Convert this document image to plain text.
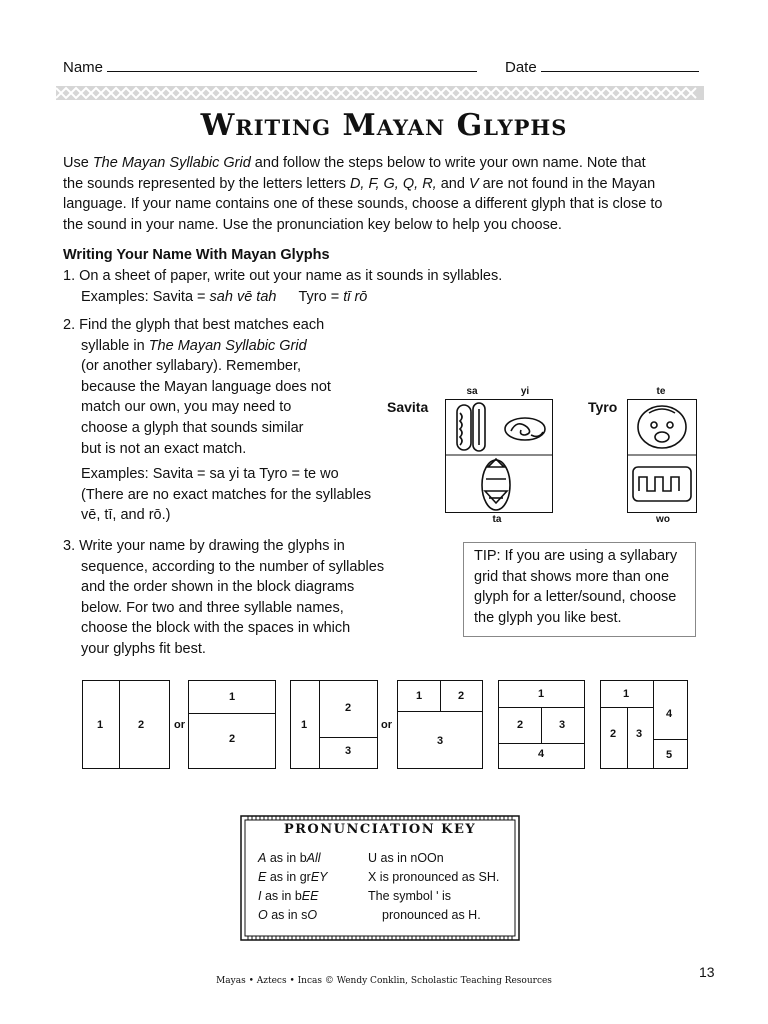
Name	Date
Writing Mayan Glyphs
Use The Mayan Syllabic Grid and follow the steps below to write your own name. Note that
the sounds represented by the letters letters D, F, G, Q, R, and V are not found in the Mayan
language. If your name contains one of these sounds, choose a different glyph that is close to
the sound in your name. Use the pronunciation key below to help you choose.
Writing Your Name With Mayan Glyphs
1. On a sheet of paper, write out your name as it sounds in syllables.
Examples: Savita = sah vē tah Tyro = tī rō
2. Find the glyph that best matches each
syllable in The Mayan Syllabic Grid
(or another syllabary). Remember,
because the Mayan language does not
match our own, you may need to
choose a glyph that sounds similar
but is not an exact match.
Examples: Savita = sa yi ta Tyro = te wo
(There are no exact matches for the syllables
vē, tī, and rō.)
3. Write your name by drawing the glyphs in
sequence, according to the number of syllables
and the order shown in the block diagrams
below. For two and three syllable names,
choose the block with the spaces in which
your glyphs fit best.
Savita
sa	yi
ta
Tyro
te
wo
TIP: If you are using a syllabary grid that shows more than one glyph for a letter/sound, choose the glyph you like best.
1	2	or
1
2
1
2
3
or
1	2
3
1
2	3
4
1
2	3
4
5
PRONUNCIATION KEY
A as in bAll
E as in grEY
I as in bEE
O as in sO
U as in nOOn
X is pronounced as SH.
The symbol ʹ is
pronounced as H.
Mayas • Aztecs • Incas © Wendy Conklin, Scholastic Teaching Resources
13
